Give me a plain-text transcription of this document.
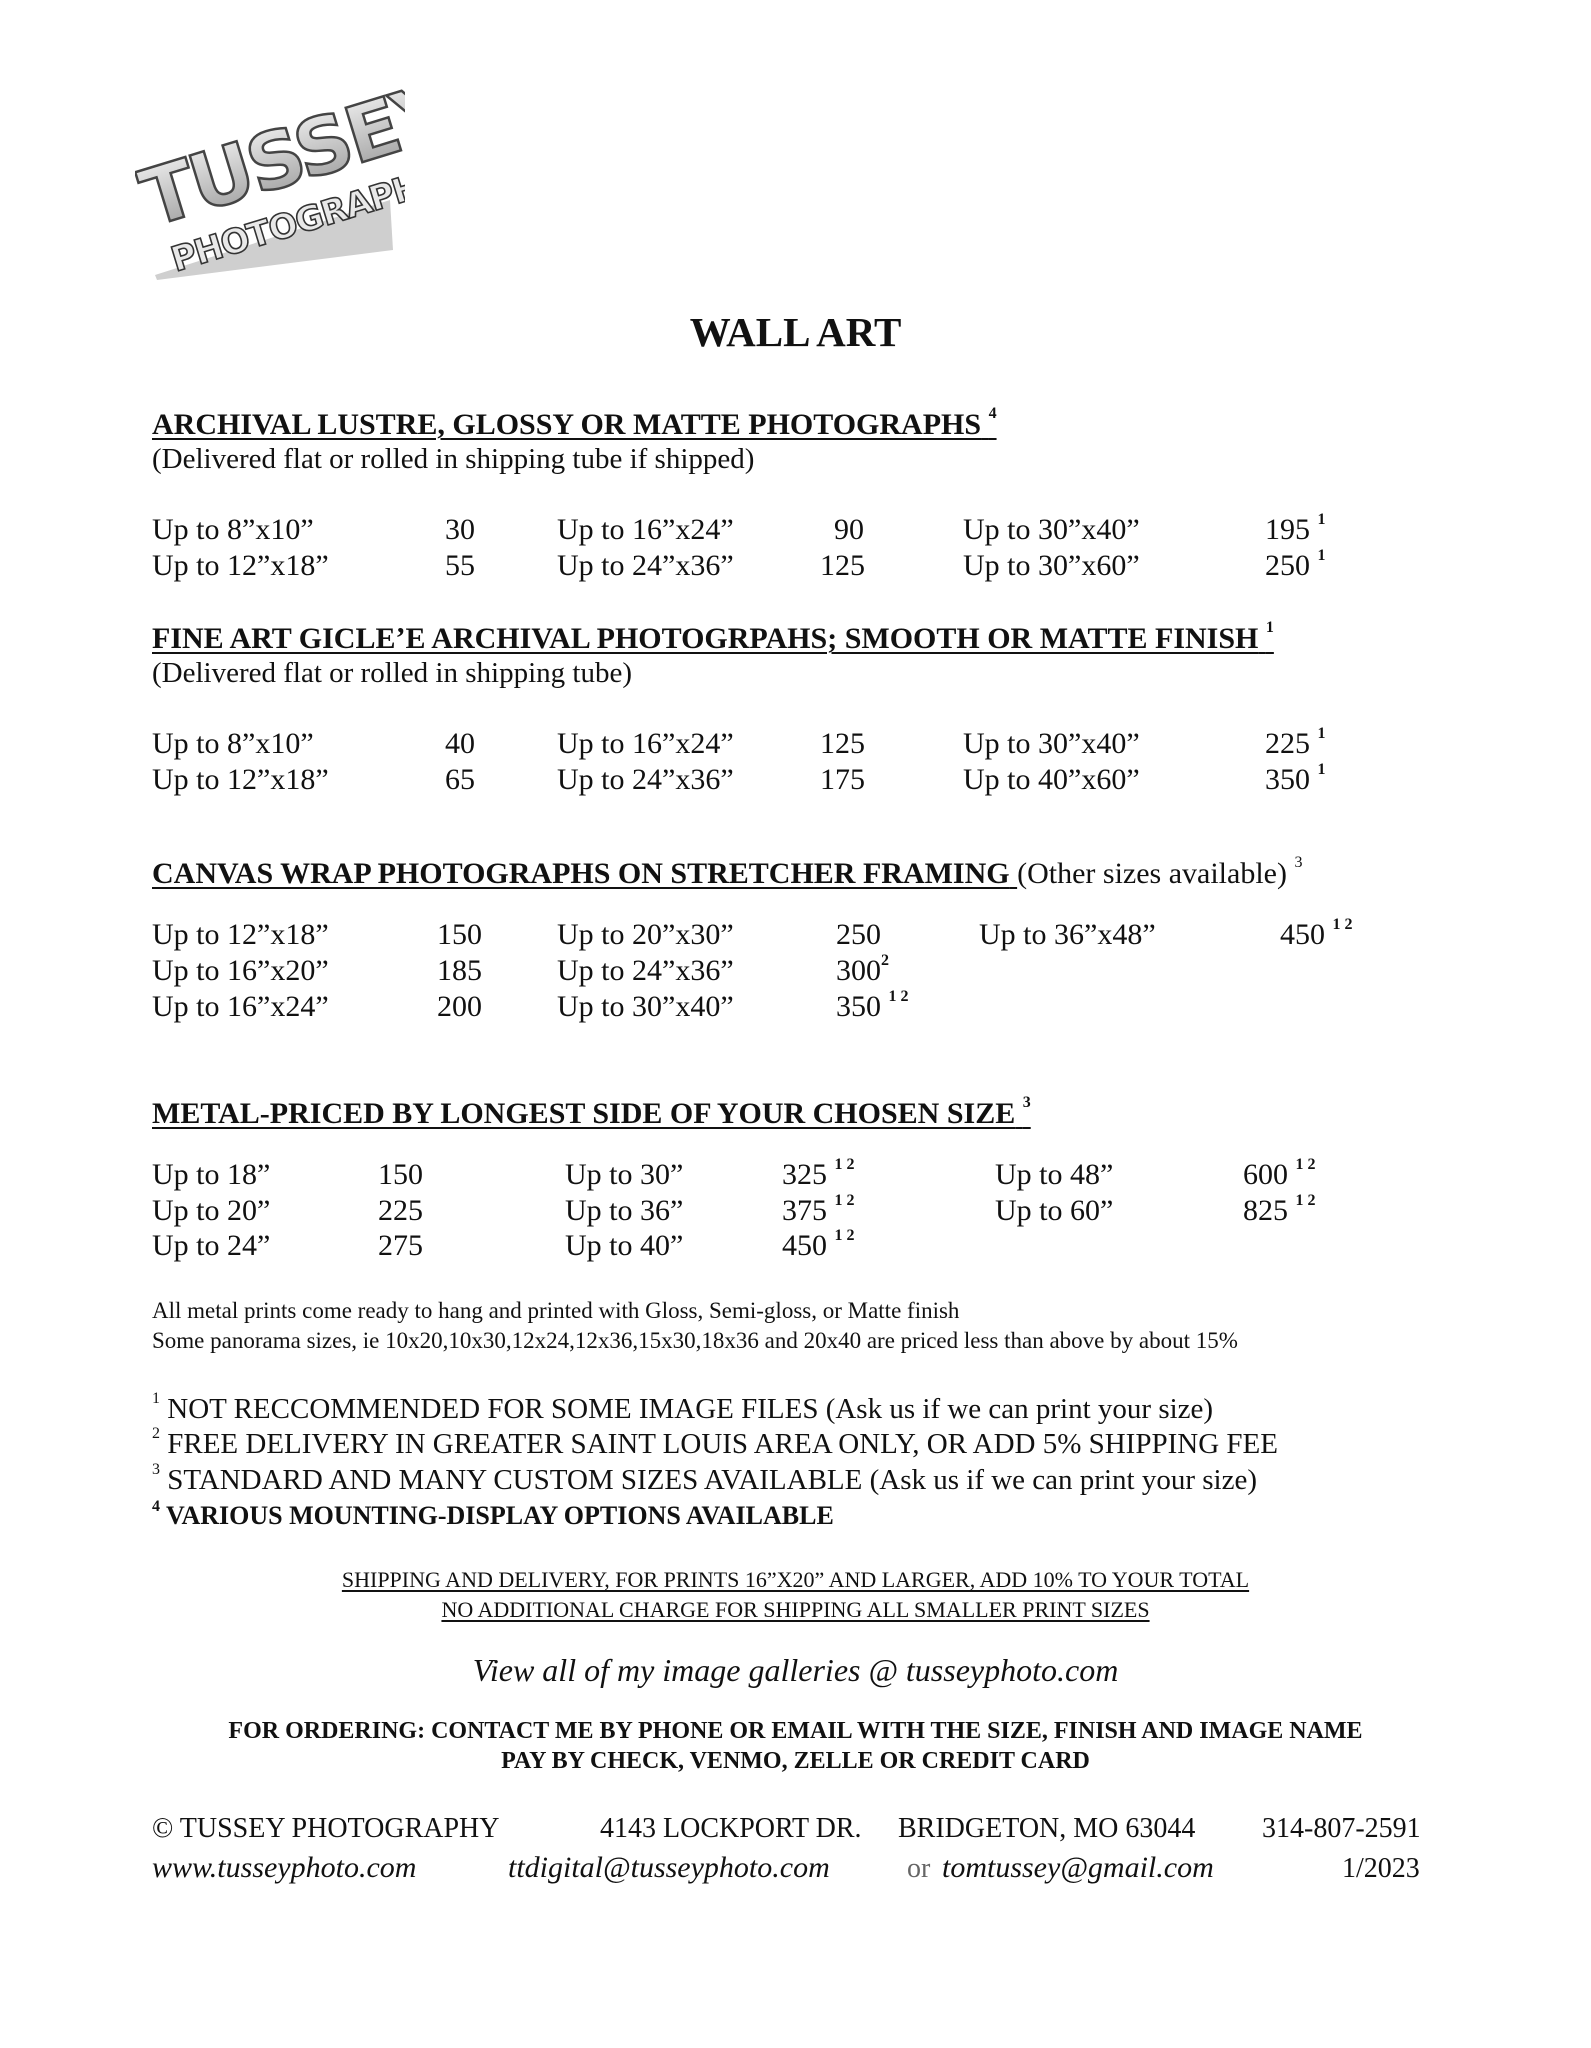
TUSSEY
PHOTOGRAPHY
WALL ART
ARCHIVAL LUSTRE, GLOSSY OR MATTE PHOTOGRAPHS $^4$
(Delivered flat or rolled in shipping tube if shipped)
Up to 8”x10”	30	Up to 16”x24”	90	Up to 30”x40”	195 $^1$
Up to 12”x18”	55	Up to 24”x36”	125	Up to 30”x60”	250 $^1$
FINE ART GICLEʼE ARCHIVAL PHOTOGRPAHS; SMOOTH OR MATTE FINISH $^1$
(Delivered flat or rolled in shipping tube)
Up to 8”x10”	40	Up to 16”x24”	125	Up to 30”x40”	225 $^1$
Up to 12”x18”	65	Up to 24”x36”	175	Up to 40”x60”	350 $^1$
CANVAS WRAP PHOTOGRAPHS ON STRETCHER FRAMING (Other sizes available) $^3$
Up to 12”x18”	150	Up to 20”x30”	250	Up to 36”x48”	450 $^{1 2}$
Up to 16”x20”	185	Up to 24”x36”	$300^2$
Up to 16”x24”	200	Up to 30”x40”	350 $^{1 2}$
METAL-PRICED BY LONGEST SIDE OF YOUR CHOSEN SIZE $^3$
Up to 18”	150	Up to 30”	325 $^{1 2}$	Up to 48”	600 $^{1 2}$
Up to 20”	225	Up to 36”	375 $^{1 2}$	Up to 60”	825 $^{1 2}$
Up to 24”	275	Up to 40”	450 $^{1 2}$
All metal prints come ready to hang and printed with Gloss, Semi-gloss, or Matte finish
Some panorama sizes, ie 10x20,10x30,12x24,12x36,15x30,18x36 and 20x40 are priced less than above by about 15%
$^1$ NOT RECCOMMENDED FOR SOME IMAGE FILES (Ask us if we can print your size)
$^2$ FREE DELIVERY IN GREATER SAINT LOUIS AREA ONLY, OR ADD 5% SHIPPING FEE
$^3$ STANDARD AND MANY CUSTOM SIZES AVAILABLE (Ask us if we can print your size)
$^4$ VARIOUS MOUNTING-DISPLAY OPTIONS AVAILABLE
SHIPPING AND DELIVERY, FOR PRINTS 16”X20” AND LARGER, ADD 10% TO YOUR TOTAL
NO ADDITIONAL CHARGE FOR SHIPPING ALL SMALLER PRINT SIZES
View all of my image galleries @ tusseyphoto.com
FOR ORDERING: CONTACT ME BY PHONE OR EMAIL WITH THE SIZE, FINISH AND IMAGE NAME
PAY BY CHECK, VENMO, ZELLE OR CREDIT CARD
© TUSSEY PHOTOGRAPHY	4143 LOCKPORT DR. BRIDGETON, MO 63044 314-807-2591
www.tusseyphoto.com	ttdigital@tusseyphoto.com	or tomtussey@gmail.com	1/2023
